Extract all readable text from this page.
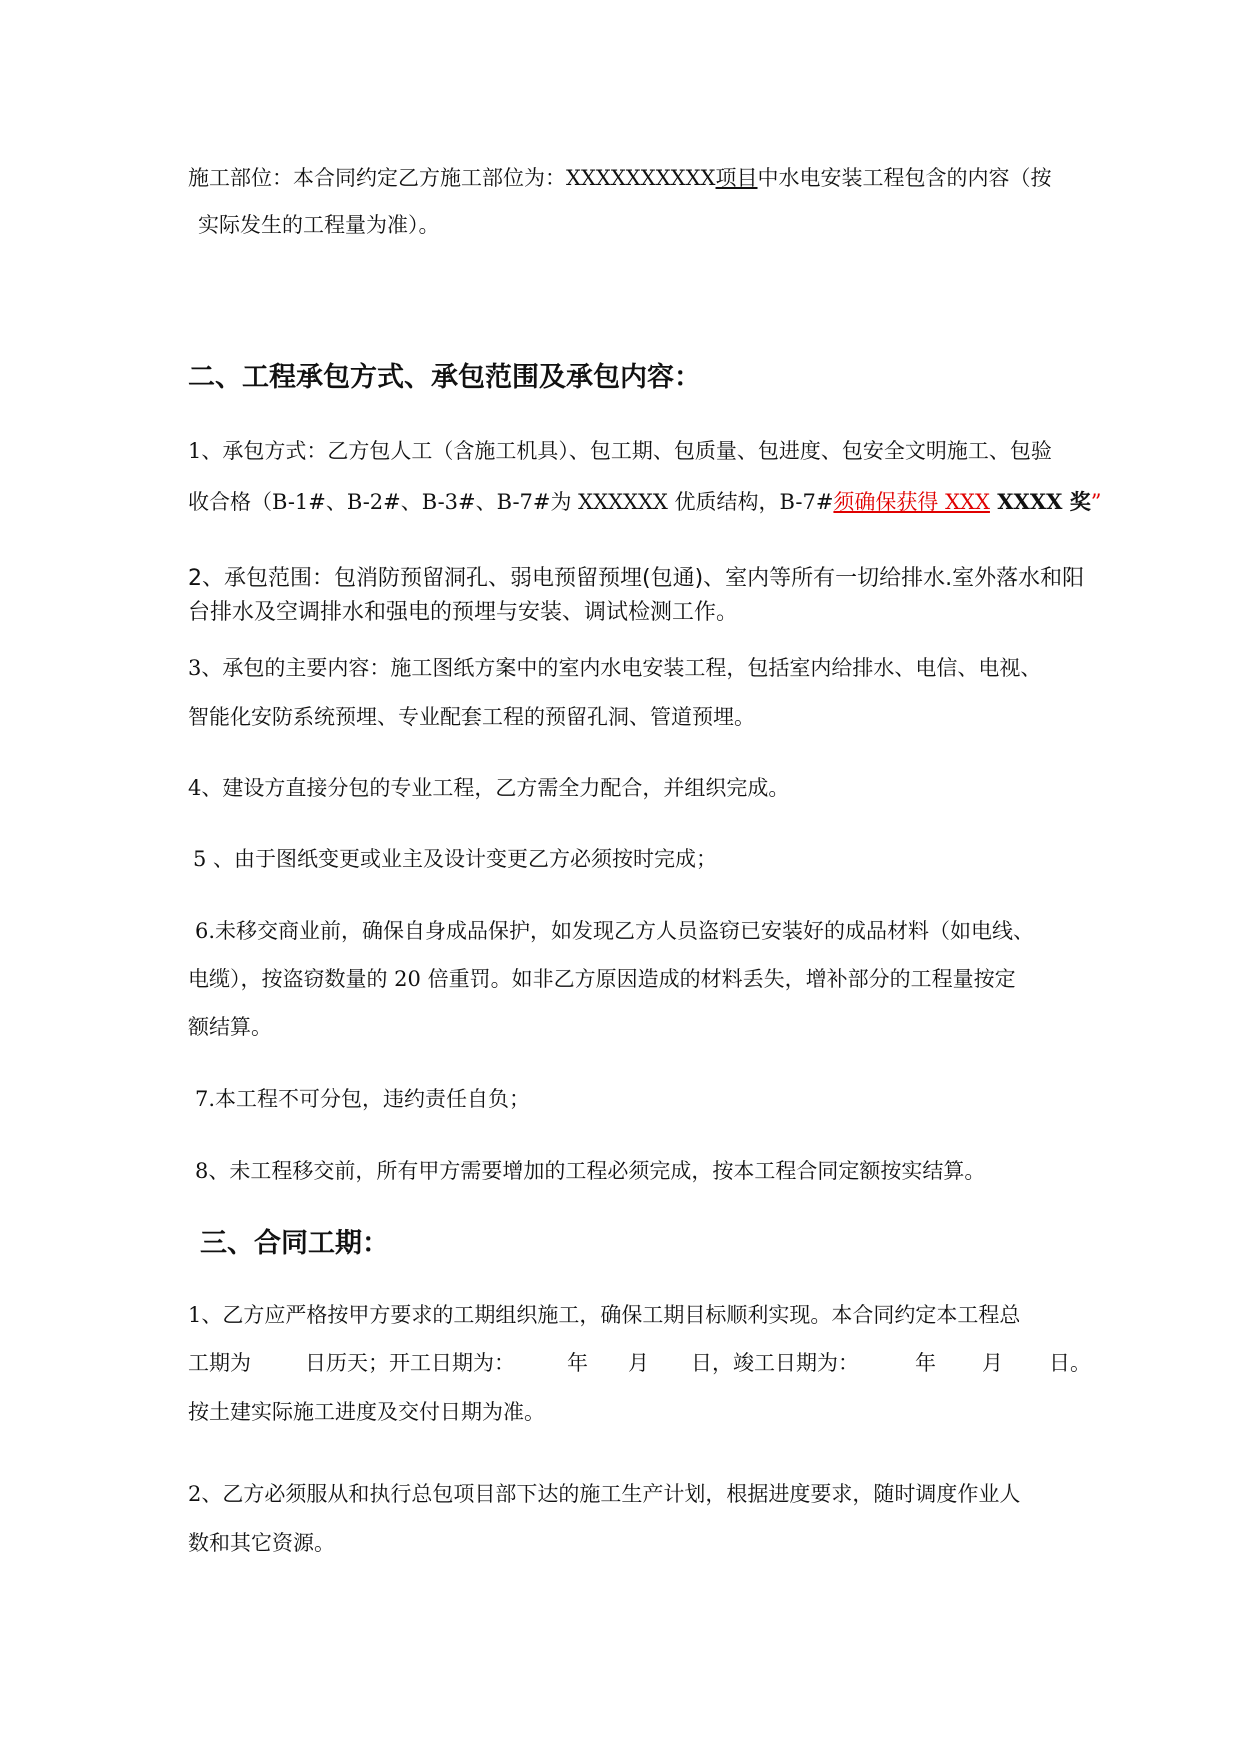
施工部位：本合同约定乙方施工部位为：XXXXXXXXXX项目中水电安装工程包含的内容（按
实际发生的工程量为准）。
二、工程承包方式、承包范围及承包内容：
1、承包方式：乙方包人工（含施工机具）、包工期、包质量、包进度、包安全文明施工、包验
收合格（B-1#、B-2#、B-3#、B-7#为 XXXXXX 优质结构，B-7#须确保获得 XXX XXXX 奖”
2、承包范围：包消防预留洞孔、弱电预留预埋(包通)、室内等所有一切给排水.室外落水和阳
台排水及空调排水和强电的预埋与安装、调试检测工作。
3、承包的主要内容：施工图纸方案中的室内水电安装工程，包括室内给排水、电信、电视、
智能化安防系统预埋、专业配套工程的预留孔洞、管道预埋。
4、建设方直接分包的专业工程，乙方需全力配合，并组织完成。
5 、由于图纸变更或业主及设计变更乙方必须按时完成；
6.未移交商业前，确保自身成品保护，如发现乙方人员盗窃已安装好的成品材料（如电线、
电缆），按盗窃数量的 20 倍重罚。如非乙方原因造成的材料丢失，增补部分的工程量按定
额结算。
7.本工程不可分包，违约责任自负；
8、未工程移交前，所有甲方需要增加的工程必须完成，按本工程合同定额按实结算。
三、合同工期：
1、乙方应严格按甲方要求的工期组织施工，确保工期目标顺利实现。本合同约定本工程总
工期为	日历天；开工日期为： 年 月 日，竣工日期为：	年 月 日。
按土建实际施工进度及交付日期为准。
2、乙方必须服从和执行总包项目部下达的施工生产计划，根据进度要求，随时调度作业人
数和其它资源。
